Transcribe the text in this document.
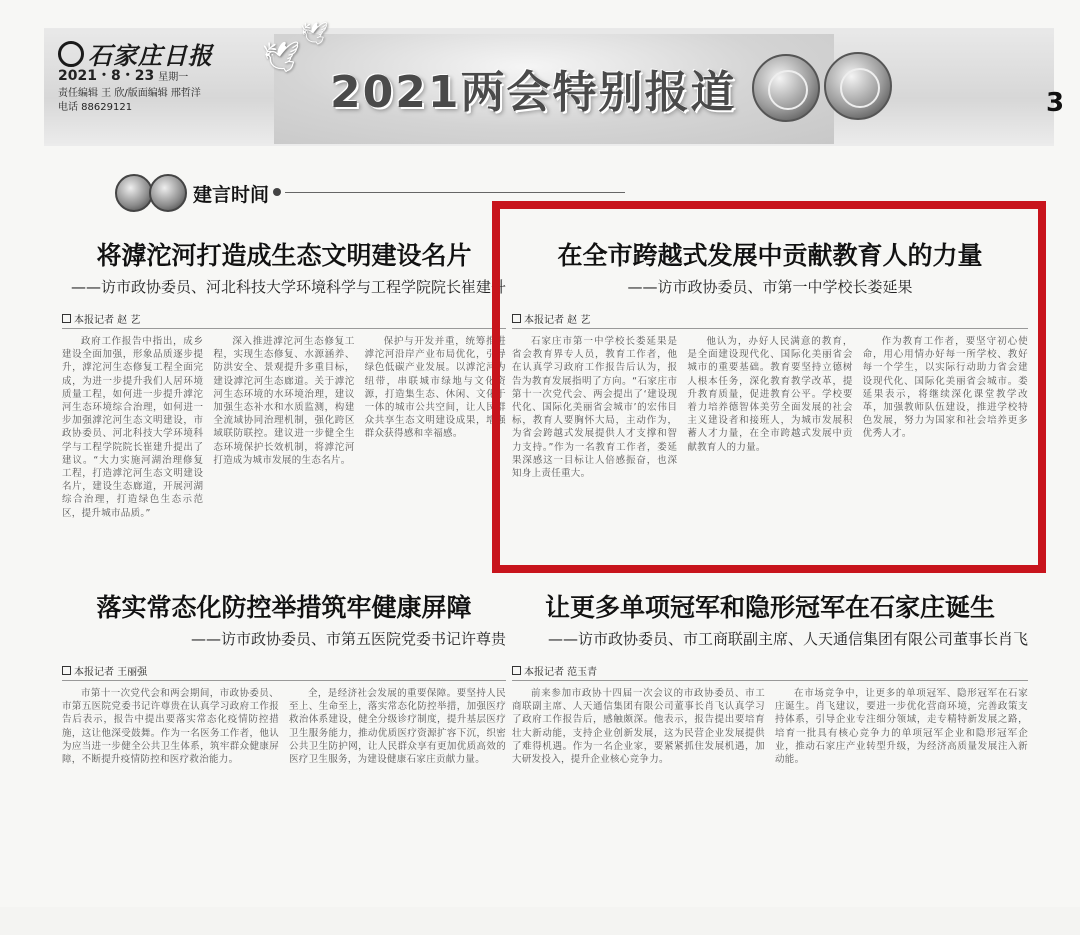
石家庄日报
2021・8・23 星期一
责任编辑 王 欣/版面编辑 邢哲洋
电话 88629121
🕊
🕊
2021两会特别报道	3
建言时间
将滹沱河打造成生态文明建设名片
——访市政协委员、河北科技大学环境科学与工程学院院长崔建升
本报记者 赵 艺

政府工作报告中指出，成乡建设全面加强，形象品质逐步提升，滹沱河生态修复工程全面完成，为进一步提升我们人居环境质量工程，如何进一步提升滹沱河生态环境综合治理，如何进一步加强滹沱河生态文明建设，市政协委员、河北科技大学环境科学与工程学院院长崔建升提出了建议。“大力实施河湖治理修复工程，打造滹沱河生态文明建设名片，建设生态廊道，开展河湖综合治理，打造绿色生态示范区，提升城市品质。”

深入推进滹沱河生态修复工程，实现生态修复、水源涵养、防洪安全、景观提升多重目标，建设滹沱河生态廊道。关于滹沱河生态环境的水环境治理，建议加强生态补水和水质监测，构建全流域协同治理机制，强化跨区域联防联控。建议进一步健全生态环境保护长效机制，将滹沱河打造成为城市发展的生态名片。

保护与开发并重，统筹推进滹沱河沿岸产业布局优化，引导绿色低碳产业发展。以滹沱河为纽带，串联城市绿地与文化资源，打造集生态、休闲、文化于一体的城市公共空间，让人民群众共享生态文明建设成果，增强群众获得感和幸福感。

在全市跨越式发展中贡献教育人的力量
——访市政协委员、市第一中学校长娄延果
本报记者 赵 艺

石家庄市第一中学校长娄延果是省会教育界专人员，教育工作者，他在认真学习政府工作报告后认为，报告为教育发展指明了方向。“石家庄市第十一次党代会、两会提出了‘建设现代化、国际化美丽省会城市’的宏伟目标，教育人要胸怀大局，主动作为，为省会跨越式发展提供人才支撑和智力支持。”作为一名教育工作者，娄延果深感这一目标让人倍感振奋，也深知身上责任重大。

他认为，办好人民满意的教育，是全面建设现代化、国际化美丽省会城市的重要基础。教育要坚持立德树人根本任务，深化教育教学改革，提升教育质量，促进教育公平。学校要着力培养德智体美劳全面发展的社会主义建设者和接班人，为城市发展积蓄人才力量，在全市跨越式发展中贡献教育人的力量。

作为教育工作者，要坚守初心使命，用心用情办好每一所学校、教好每一个学生，以实际行动助力省会建设现代化、国际化美丽省会城市。娄延果表示，将继续深化课堂教学改革，加强教师队伍建设，推进学校特色发展，努力为国家和社会培养更多优秀人才。

落实常态化防控举措筑牢健康屏障
——访市政协委员、市第五医院党委书记许尊贵
本报记者 王丽强

市第十一次党代会和两会期间，市政协委员、市第五医院党委书记许尊贵在认真学习政府工作报告后表示，报告中提出要落实常态化疫情防控措施，这让他深受鼓舞。作为一名医务工作者，他认为应当进一步健全公共卫生体系，筑牢群众健康屏障，不断提升疫情防控和医疗救治能力。

全，是经济社会发展的重要保障。要坚持人民至上、生命至上，落实常态化防控举措，加强医疗救治体系建设，健全分级诊疗制度，提升基层医疗卫生服务能力，推动优质医疗资源扩容下沉，织密公共卫生防护网，让人民群众享有更加优质高效的医疗卫生服务，为建设健康石家庄贡献力量。

让更多单项冠军和隐形冠军在石家庄诞生
——访市政协委员、市工商联副主席、人天通信集团有限公司董事长肖飞
本报记者 范玉青

前来参加市政协十四届一次会议的市政协委员、市工商联副主席、人天通信集团有限公司董事长肖飞认真学习了政府工作报告后，感触颇深。他表示，报告提出要培育壮大新动能，支持企业创新发展，这为民营企业发展提供了难得机遇。作为一名企业家，要紧紧抓住发展机遇，加大研发投入，提升企业核心竞争力。

在市场竞争中，让更多的单项冠军、隐形冠军在石家庄诞生。肖飞建议，要进一步优化营商环境，完善政策支持体系，引导企业专注细分领域，走专精特新发展之路，培育一批具有核心竞争力的单项冠军企业和隐形冠军企业，推动石家庄产业转型升级，为经济高质量发展注入新动能。
